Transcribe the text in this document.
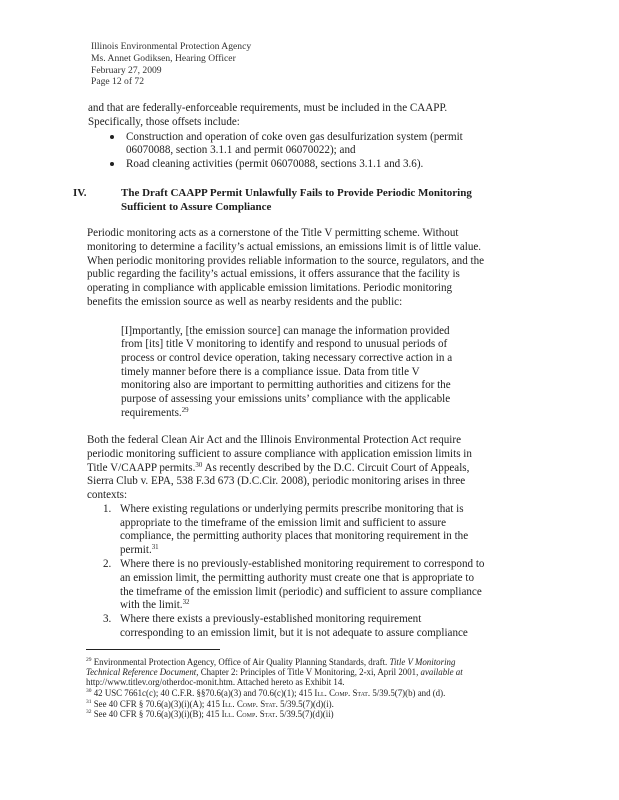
Illinois Environmental Protection Agency
Ms. Annet Godiksen, Hearing Officer
February 27, 2009
Page 12 of 72
and that are federally-enforceable requirements, must be included in the CAAPP.
Specifically, those offsets include:
Construction and operation of coke oven gas desulfurization system (permit
06070088, section 3.1.1 and permit 06070022); and
Road cleaning activities (permit 06070088, sections 3.1.1 and 3.6).
IV.	The Draft CAAPP Permit Unlawfully Fails to Provide Periodic Monitoring
Sufficient to Assure Compliance
Periodic monitoring acts as a cornerstone of the Title V permitting scheme. Without
monitoring to determine a facility’s actual emissions, an emissions limit is of little value.
When periodic monitoring provides reliable information to the source, regulators, and the
public regarding the facility’s actual emissions, it offers assurance that the facility is
operating in compliance with applicable emission limitations. Periodic monitoring
benefits the emission source as well as nearby residents and the public:
[I]mportantly, [the emission source] can manage the information provided
from [its] title V monitoring to identify and respond to unusual periods of
process or control device operation, taking necessary corrective action in a
timely manner before there is a compliance issue. Data from title V
monitoring also are important to permitting authorities and citizens for the
purpose of assessing your emissions units’ compliance with the applicable
requirements.$^{29}$
Both the federal Clean Air Act and the Illinois Environmental Protection Act require
periodic monitoring sufficient to assure compliance with application emission limits in
Title V/CAAPP permits.$^{30}$ As recently described by the D.C. Circuit Court of Appeals,
Sierra Club v. EPA, 538 F.3d 673 (D.C.Cir. 2008), periodic monitoring arises in three
contexts:
1. Where existing regulations or underlying permits prescribe monitoring that is
appropriate to the timeframe of the emission limit and sufficient to assure
compliance, the permitting authority places that monitoring requirement in the
permit.$^{31}$
2. Where there is no previously-established monitoring requirement to correspond to
an emission limit, the permitting authority must create one that is appropriate to
the timeframe of the emission limit (periodic) and sufficient to assure compliance
with the limit.$^{32}$
3. Where there exists a previously-established monitoring requirement
corresponding to an emission limit, but it is not adequate to assure compliance
$^{29}$ Environmental Protection Agency, Office of Air Quality Planning Standards, draft. Title V Monitoring
Technical Reference Document, Chapter 2: Principles of Title V Monitoring, 2-xi, April 2001, available at
http://www.titlev.org/otherdoc-monit.htm. Attached hereto as Exhibit 14.
$^{30}$ 42 USC 7661c(c); 40 C.F.R. §§70.6(a)(3) and 70.6(c)(1); 415 Ill. Comp. Stat. 5/39.5(7)(b) and (d).
$^{31}$ See 40 CFR § 70.6(a)(3)(i)(A); 415 Ill. Comp. Stat. 5/39.5(7)(d)(i).
$^{32}$ See 40 CFR § 70.6(a)(3)(i)(B); 415 Ill. Comp. Stat. 5/39.5(7)(d)(ii)
